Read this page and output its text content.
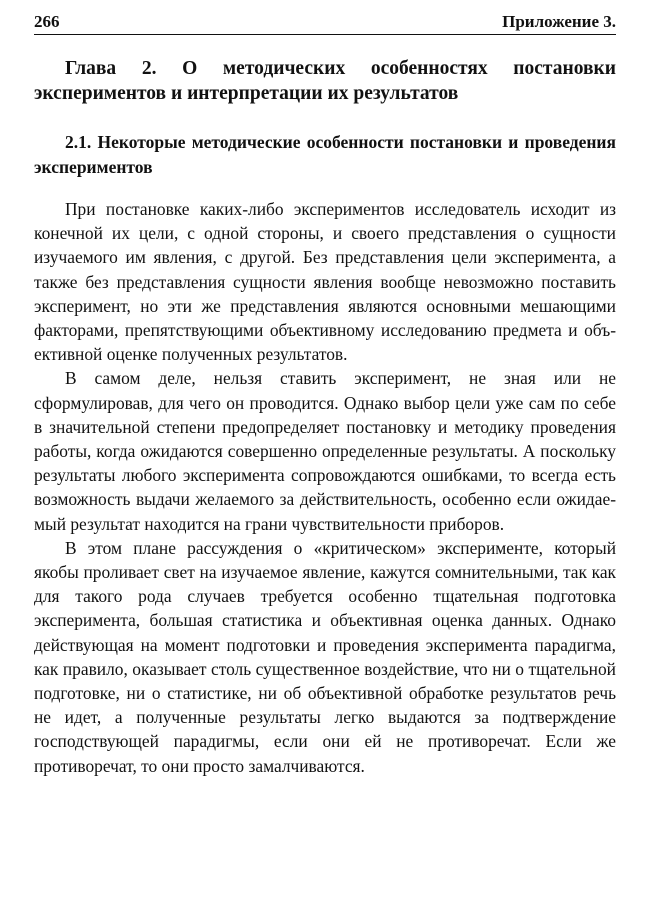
266	Приложение 3.
Глава 2. О методических особенностях постановки экспериментов и интерпретации их результатов
2.1. Некоторые методические особенности постановки и проведения экспериментов

При постановке каких-либо экспериментов исследователь исходит из конечной их цели, с одной стороны, и своего представления о сущности изучаемого им явления, с другой. Без представления цели эксперимента, а также без представления сущности явления вообще невозможно поставить эксперимент, но эти же представления являются основными мешающими факторами, препятствующими объективному исследованию предмета и объективной оценке полученных результатов.

В самом деле, нельзя ставить эксперимент, не зная или не сформулировав, для чего он проводится. Однако выбор цели уже сам по себе в значительной степени предопределяет постановку и методику проведения работы, когда ожидаются совершенно определенные результаты. А поскольку результаты любого эксперимента сопровождаются ошибками, то всегда есть возможность выдачи желаемого за действительность, особенно если ожидаемый результат находится на грани чувствительности приборов.

В этом плане рассуждения о «критическом» эксперименте, который якобы проливает свет на изучаемое явление, кажутся сомнительными, так как для такого рода случаев требуется особенно тщательная подготовка эксперимента, большая статистика и объективная оценка данных. Однако действующая на момент подготовки и проведения эксперимента парадигма, как правило, оказывает столь существенное воздействие, что ни о тщательной подготовке, ни о статистике, ни об объективной обработке результатов речь не идет, а полученные результаты легко выдаются за подтверждение господствующей парадигмы, если они ей не противоречат. Если же противоречат, то они просто замалчиваются.
